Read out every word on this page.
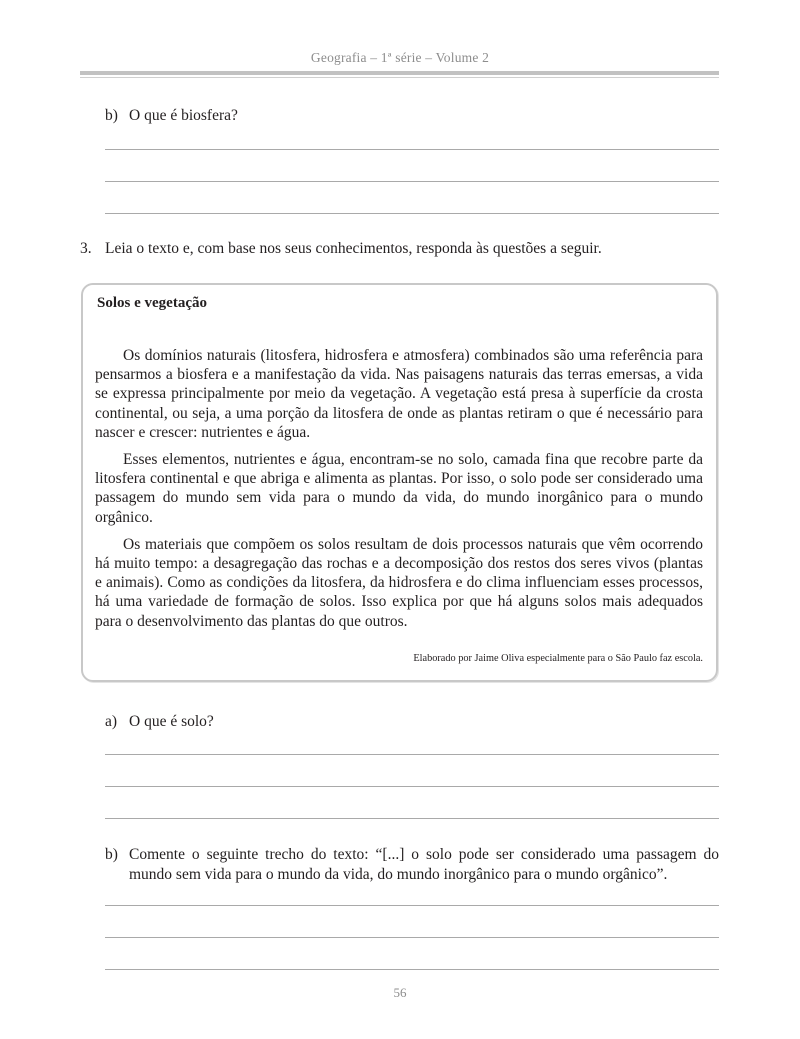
Geografia – 1ª série – Volume 2
b) O que é biosfera?
3. Leia o texto e, com base nos seus conhecimentos, responda às questões a seguir.
Solos e vegetação

Os domínios naturais (litosfera, hidrosfera e atmosfera) combinados são uma referência para pensarmos a biosfera e a manifestação da vida. Nas paisagens naturais das terras emersas, a vida se expressa principalmente por meio da vegetação. A vegetação está presa à superfície da crosta continental, ou seja, a uma porção da litosfera de onde as plantas retiram o que é necessário para nascer e crescer: nutrientes e água.

Esses elementos, nutrientes e água, encontram-se no solo, camada fina que recobre parte da litosfera continental e que abriga e alimenta as plantas. Por isso, o solo pode ser considerado uma passagem do mundo sem vida para o mundo da vida, do mundo inorgânico para o mundo orgânico.

Os materiais que compõem os solos resultam de dois processos naturais que vêm ocorrendo há muito tempo: a desagregação das rochas e a decomposição dos restos dos seres vivos (plantas e animais). Como as condições da litosfera, da hidrosfera e do clima influenciam esses processos, há uma variedade de formação de solos. Isso explica por que há alguns solos mais adequados para o desenvolvimento das plantas do que outros.

Elaborado por Jaime Oliva especialmente para o São Paulo faz escola.
a) O que é solo?
b) Comente o seguinte trecho do texto: “[...] o solo pode ser considerado uma passagem do mundo sem vida para o mundo da vida, do mundo inorgânico para o mundo orgânico”.
56
